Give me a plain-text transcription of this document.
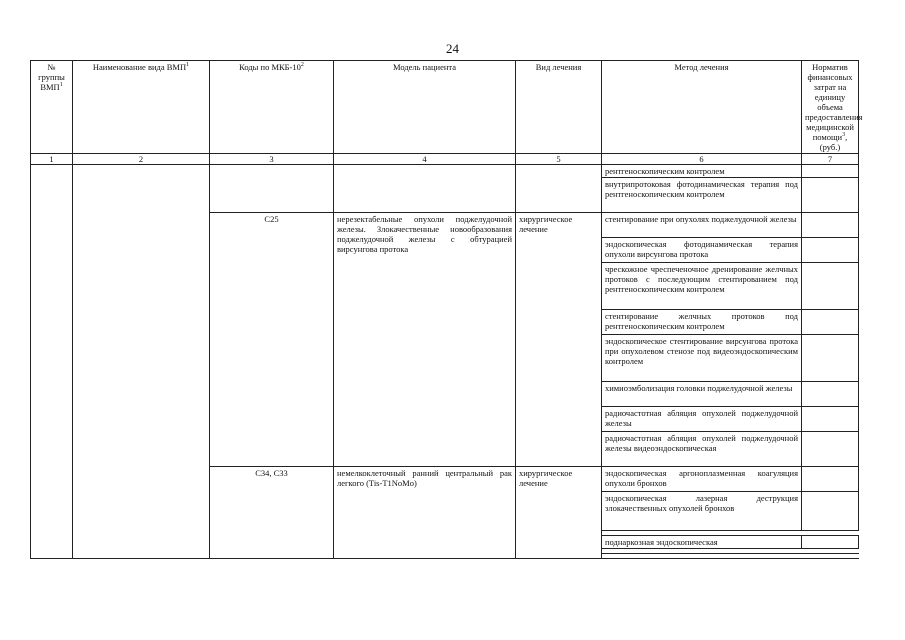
24
№ группы ВМП$^1$	Наименование вида ВМП$^1$	Коды по МКБ-$10^2$	Модель пациента	Вид лечения	Метод лечения	Норматив финансовых затрат на единицу объема предоставления медицинской помощи$^3$, (руб.)
1	2	3	4	5	6	7
					рентгеноскопическим контролем	
					внутрипротоковая фотодинамическая терапия под рентгеноскопическим контролем	
		C25	нерезектабельные опухоли поджелудочной железы. Злокачественные новообразования поджелудочной железы с обтурацией вирсунгова протока	хирургическое лечение	стентирование при опухолях поджелудочной железы	
					эндоскопическая фотодинамическая терапия опухоли вирсунгова протока	
					чрескожное чреспеченочное дренирование желчных протоков с последующим стентированием под рентгеноскопическим контролем	
					стентирование желчных протоков под рентгеноскопическим контролем	
					эндоскопическое стентирование вирсунгова протока при опухолевом стенозе под видеоэндоскопическим контролем	
					химиоэмболизация головки поджелудочной железы	
					радиочастотная абляция опухолей поджелудочной железы	
					радиочастотная абляция опухолей поджелудочной железы видеоэндоскопическая	
		C34, C33	немелкоклеточный ранний центральный рак легкого (Tis-T1NoMo)	хирургическое лечение	эндоскопическая аргоноплазменная коагуляция опухоли бронхов	
					эндоскопическая лазерная деструкция злокачественных опухолей бронхов	

					поднаркозная эндоскопическая	
